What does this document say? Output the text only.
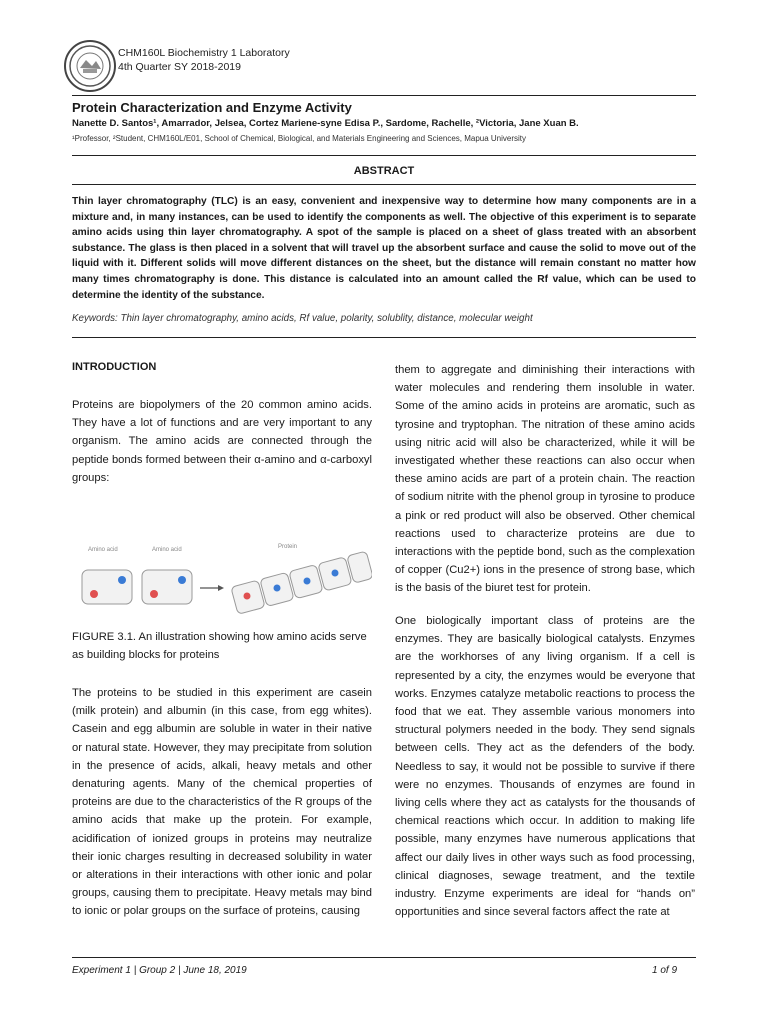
CHM160L Biochemistry 1 Laboratory
4th Quarter SY 2018-2019
Protein Characterization and Enzyme Activity
Nanette D. Santos¹, Amarrador, Jelsea, Cortez Mariene-syne Edisa P., Sardome, Rachelle, ²Victoria, Jane Xuan B.
¹Professor, ²Student, CHM160L/E01, School of Chemical, Biological, and Materials Engineering and Sciences, Mapua University
ABSTRACT
Thin layer chromatography (TLC) is an easy, convenient and inexpensive way to determine how many components are in a mixture and, in many instances, can be used to identify the components as well. The objective of this experiment is to separate amino acids using thin layer chromatography. A spot of the sample is placed on a sheet of glass treated with an absorbent substance. The glass is then placed in a solvent that will travel up the absorbent surface and cause the solid to move out of the liquid with it. Different solids will move different distances on the sheet, but the distance will remain constant no matter how many times chromatography is done. This distance is calculated into an amount called the Rf value, which can be used to determine the identity of the substance.
Keywords: Thin layer chromatography, amino acids, Rf value, polarity, solublity, distance, molecular weight
INTRODUCTION

Proteins are biopolymers of the 20 common amino acids. They have a lot of functions and are very important to any organism. The amino acids are connected through the peptide bonds formed between their α-amino and α-carboxyl groups:

Amino acid	Amino acid	Protein

FIGURE 3.1. An illustration showing how amino acids serve as building blocks for proteins

The proteins to be studied in this experiment are casein (milk protein) and albumin (in this case, from egg whites). Casein and egg albumin are soluble in water in their native or natural state. However, they may precipitate from solution in the presence of acids, alkali, heavy metals and other denaturing agents. Many of the chemical properties of proteins are due to the characteristics of the R groups of the amino acids that make up the protein. For example, acidification of ionized groups in proteins may neutralize their ionic charges resulting in decreased solubility in water or alterations in their interactions with other ionic and polar groups, causing them to precipitate. Heavy metals may bind to ionic or polar groups on the surface of proteins, causing

them to aggregate and diminishing their interactions with water molecules and rendering them insoluble in water. Some of the amino acids in proteins are aromatic, such as tyrosine and tryptophan. The nitration of these amino acids using nitric acid will also be characterized, while it will be investigated whether these reactions can also occur when these amino acids are part of a protein chain. The reaction of sodium nitrite with the phenol group in tyrosine to produce a pink or red product will also be observed. Other chemical reactions used to characterize proteins are due to interactions with the peptide bond, such as the complexation of copper (Cu2+) ions in the presence of strong base, which is the basis of the biuret test for protein.

One biologically important class of proteins are the enzymes. They are basically biological catalysts. Enzymes are the workhorses of any living organism. If a cell is represented by a city, the enzymes would be everyone that works. Enzymes catalyze metabolic reactions to process the food that we eat. They assemble various monomers into structural polymers needed in the body. They send signals between cells. They act as the defenders of the body. Needless to say, it would not be possible to survive if there were no enzymes. Thousands of enzymes are found in living cells where they act as catalysts for the thousands of chemical reactions which occur. In addition to making life possible, many enzymes have numerous applications that affect our daily lives in other ways such as food processing, clinical diagnoses, sewage treatment, and the textile industry. Enzyme experiments are ideal for “hands on” opportunities and since several factors affect the rate at

Experiment 1 | Group 2 | June 18, 2019	1 of 9
